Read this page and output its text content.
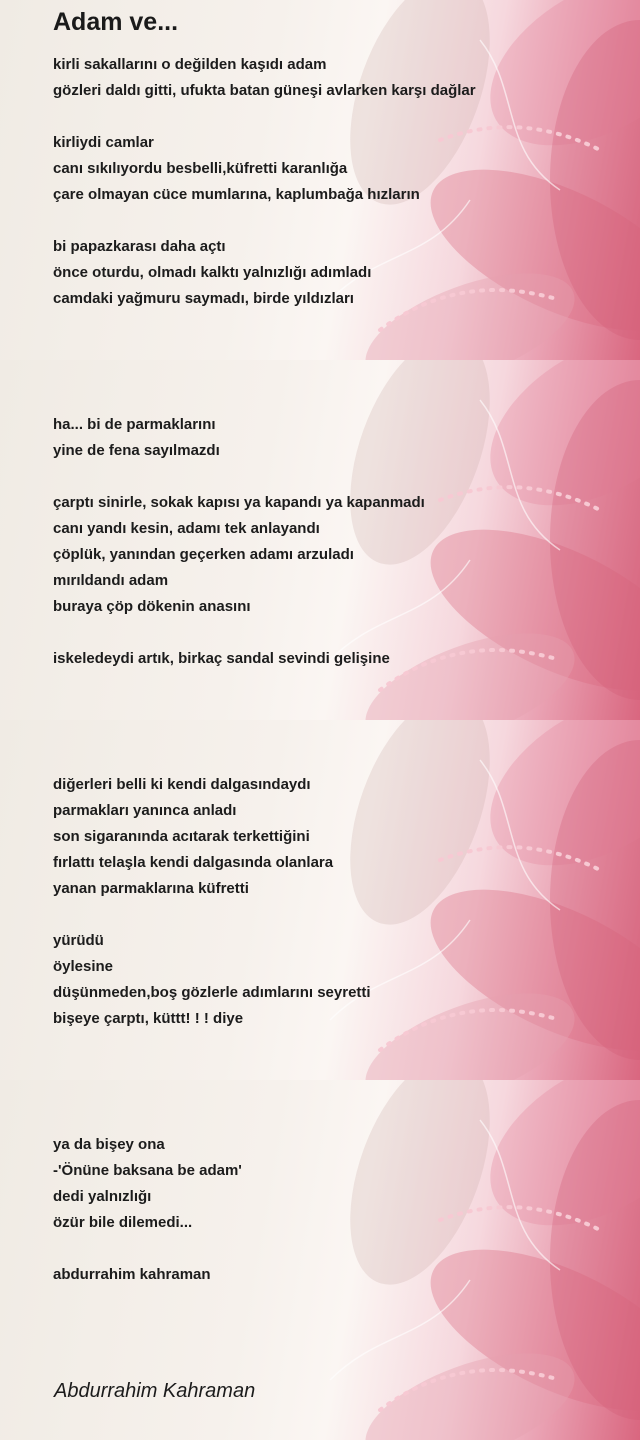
Adam ve...
kirli sakallarını o değilden kaşıdı adam
gözleri daldı gitti, ufukta batan güneşi avlarken karşı dağlar
kirliydi camlar
canı sıkılıyordu besbelli,küfretti karanlığa
çare olmayan cüce mumlarına, kaplumbağa hızların
bi papazkarası daha açtı
önce oturdu, olmadı kalktı yalnızlığı adımladı
camdaki yağmuru saymadı, birde yıldızları
ha... bi de parmaklarını
yine de fena sayılmazdı
çarptı sinirle, sokak kapısı ya kapandı ya kapanmadı
canı yandı kesin, adamı tek anlayandı
çöplük, yanından geçerken adamı arzuladı
mırıldandı adam
buraya çöp dökenin anasını
iskeledeydi artık, birkaç sandal sevindi gelişine
diğerleri belli ki kendi dalgasındaydı
parmakları yanınca anladı
son sigaranında acıtarak terkettiğini
fırlattı telaşla kendi dalgasında olanlara
yanan parmaklarına küfretti
yürüdü
öylesine
düşünmeden,boş gözlerle adımlarını seyretti
bişeye çarptı, küttt! ! ! diye
ya da bişey ona
-'Önüne baksana be adam'
dedi yalnızlığı
özür bile dilemedi...
abdurrahim kahraman
Abdurrahim Kahraman
